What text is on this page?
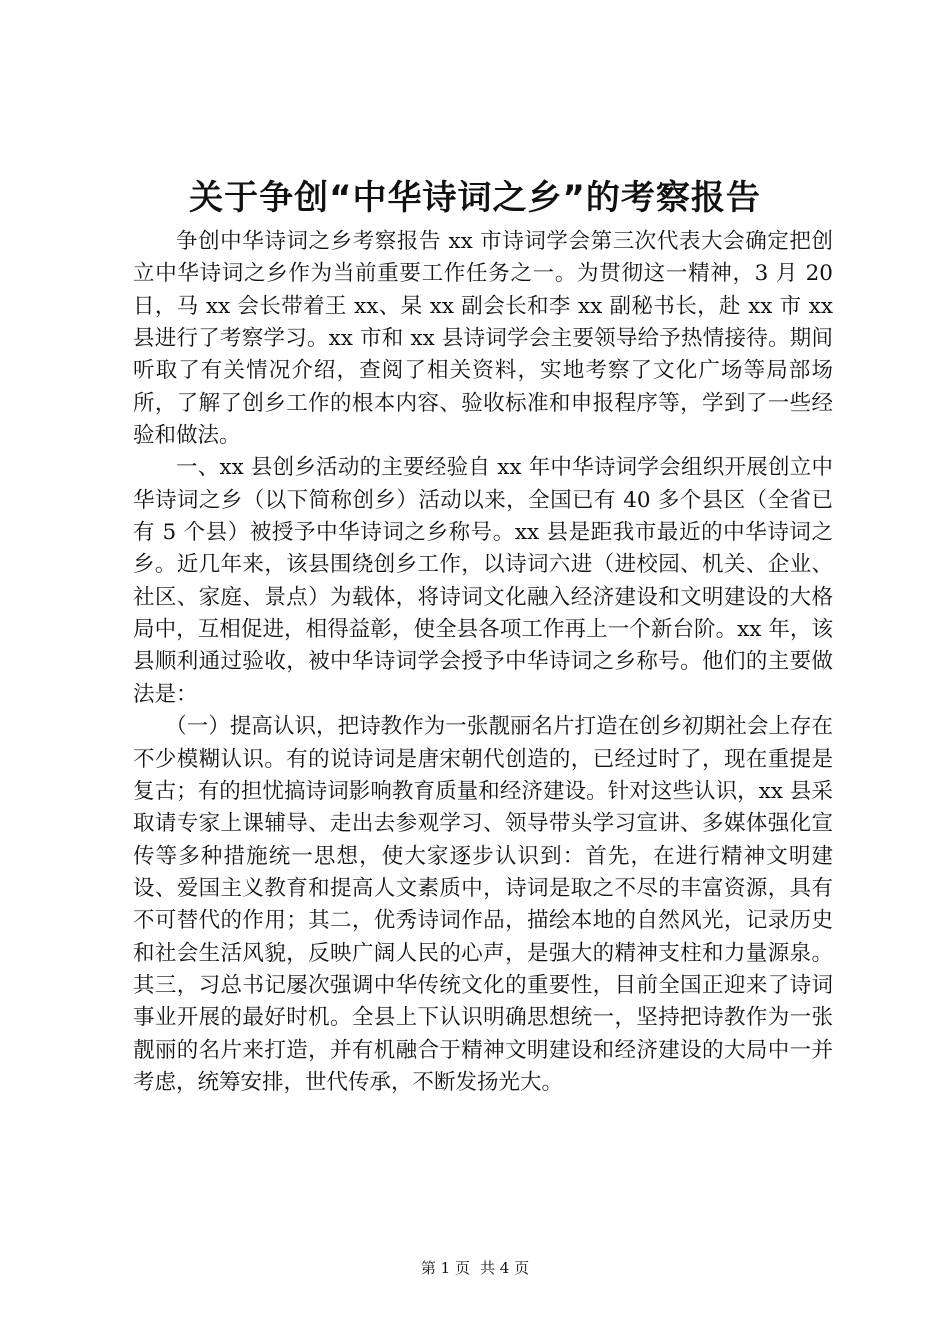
关于争创“中华诗词之乡”的考察报告

争创中华诗词之乡考察报告 xx 市诗词学会第三次代表大会确定把创立中华诗词之乡作为当前重要工作任务之一。为贯彻这一精神，3 月 20 日，马 xx 会长带着王 xx、杲 xx 副会长和李 xx 副秘书长，赴 xx 市 xx 县进行了考察学习。xx 市和 xx 县诗词学会主要领导给予热情接待。期间听取了有关情况介绍，查阅了相关资料，实地考察了文化广场等局部场所，了解了创乡工作的根本内容、验收标准和申报程序等，学到了一些经验和做法。

一、xx 县创乡活动的主要经验自 xx 年中华诗词学会组织开展创立中华诗词之乡（以下简称创乡）活动以来，全国已有 40 多个县区（全省已有 5 个县）被授予中华诗词之乡称号。xx 县是距我市最近的中华诗词之乡。近几年来，该县围绕创乡工作，以诗词六进（进校园、机关、企业、社区、家庭、景点）为载体，将诗词文化融入经济建设和文明建设的大格局中，互相促进，相得益彰，使全县各项工作再上一个新台阶。xx 年，该县顺利通过验收，被中华诗词学会授予中华诗词之乡称号。他们的主要做法是：

（一）提高认识，把诗教作为一张靓丽名片打造在创乡初期社会上存在不少模糊认识。有的说诗词是唐宋朝代创造的，已经过时了，现在重提是复古；有的担忧搞诗词影响教育质量和经济建设。针对这些认识，xx 县采取请专家上课辅导、走出去参观学习、领导带头学习宣讲、多媒体强化宣传等多种措施统一思想，使大家逐步认识到：首先，在进行精神文明建设、爱国主义教育和提高人文素质中，诗词是取之不尽的丰富资源，具有不可替代的作用；其二，优秀诗词作品，描绘本地的自然风光，记录历史和社会生活风貌，反映广阔人民的心声，是强大的精神支柱和力量源泉。其三，习总书记屡次强调中华传统文化的重要性，目前全国正迎来了诗词事业开展的最好时机。全县上下认识明确思想统一，坚持把诗教作为一张靓丽的名片来打造，并有机融合于精神文明建设和经济建设的大局中一并考虑，统筹安排，世代传承，不断发扬光大。

第 1 页 共 4 页
